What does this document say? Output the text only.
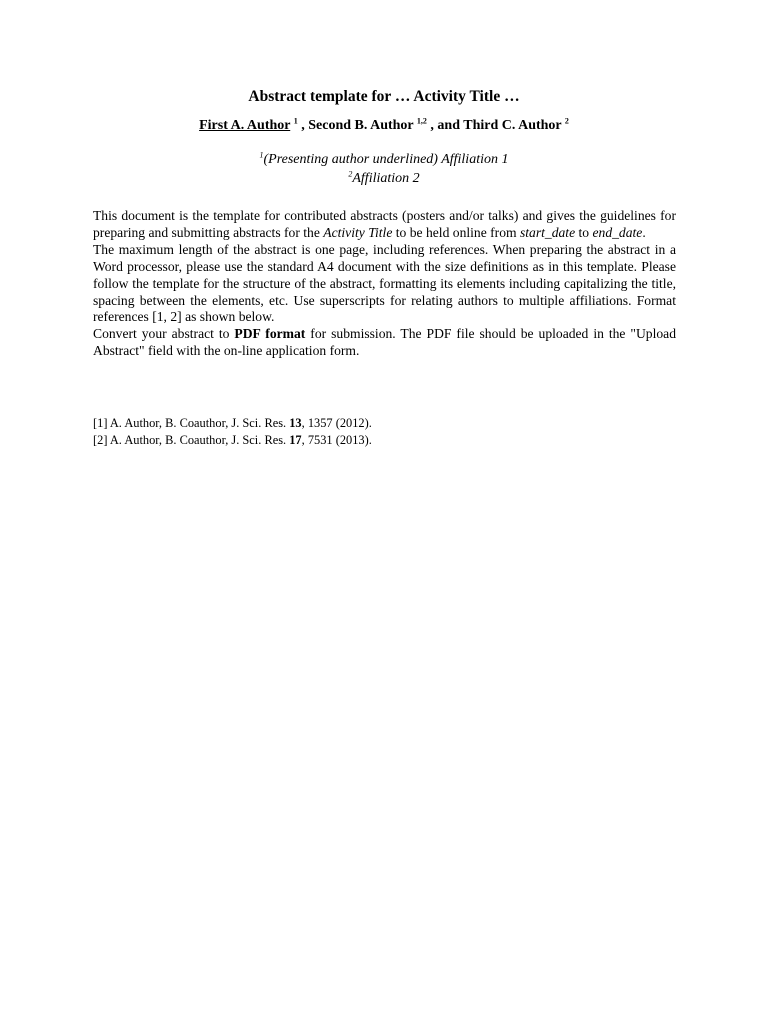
Abstract template for … Activity Title …
First A. Author $^1$ , Second B. Author $^{1,2}$ , and Third C. Author $^2$
$^1$(Presenting author underlined) Affiliation 1
$^2$Affiliation 2

This document is the template for contributed abstracts (posters and/or talks) and gives the guidelines for preparing and submitting abstracts for the Activity Title to be held online from start_date to end_date.

The maximum length of the abstract is one page, including references. When preparing the abstract in a Word processor, please use the standard A4 document with the size definitions as in this template. Please follow the template for the structure of the abstract, formatting its elements including capitalizing the title, spacing between the elements, etc. Use superscripts for relating authors to multiple affiliations. Format references [1, 2] as shown below.

Convert your abstract to PDF format for submission. The PDF file should be uploaded in the "Upload Abstract" field with the on-line application form.

[1] A. Author, B. Coauthor, J. Sci. Res. 13, 1357 (2012).

[2] A. Author, B. Coauthor, J. Sci. Res. 17, 7531 (2013).
